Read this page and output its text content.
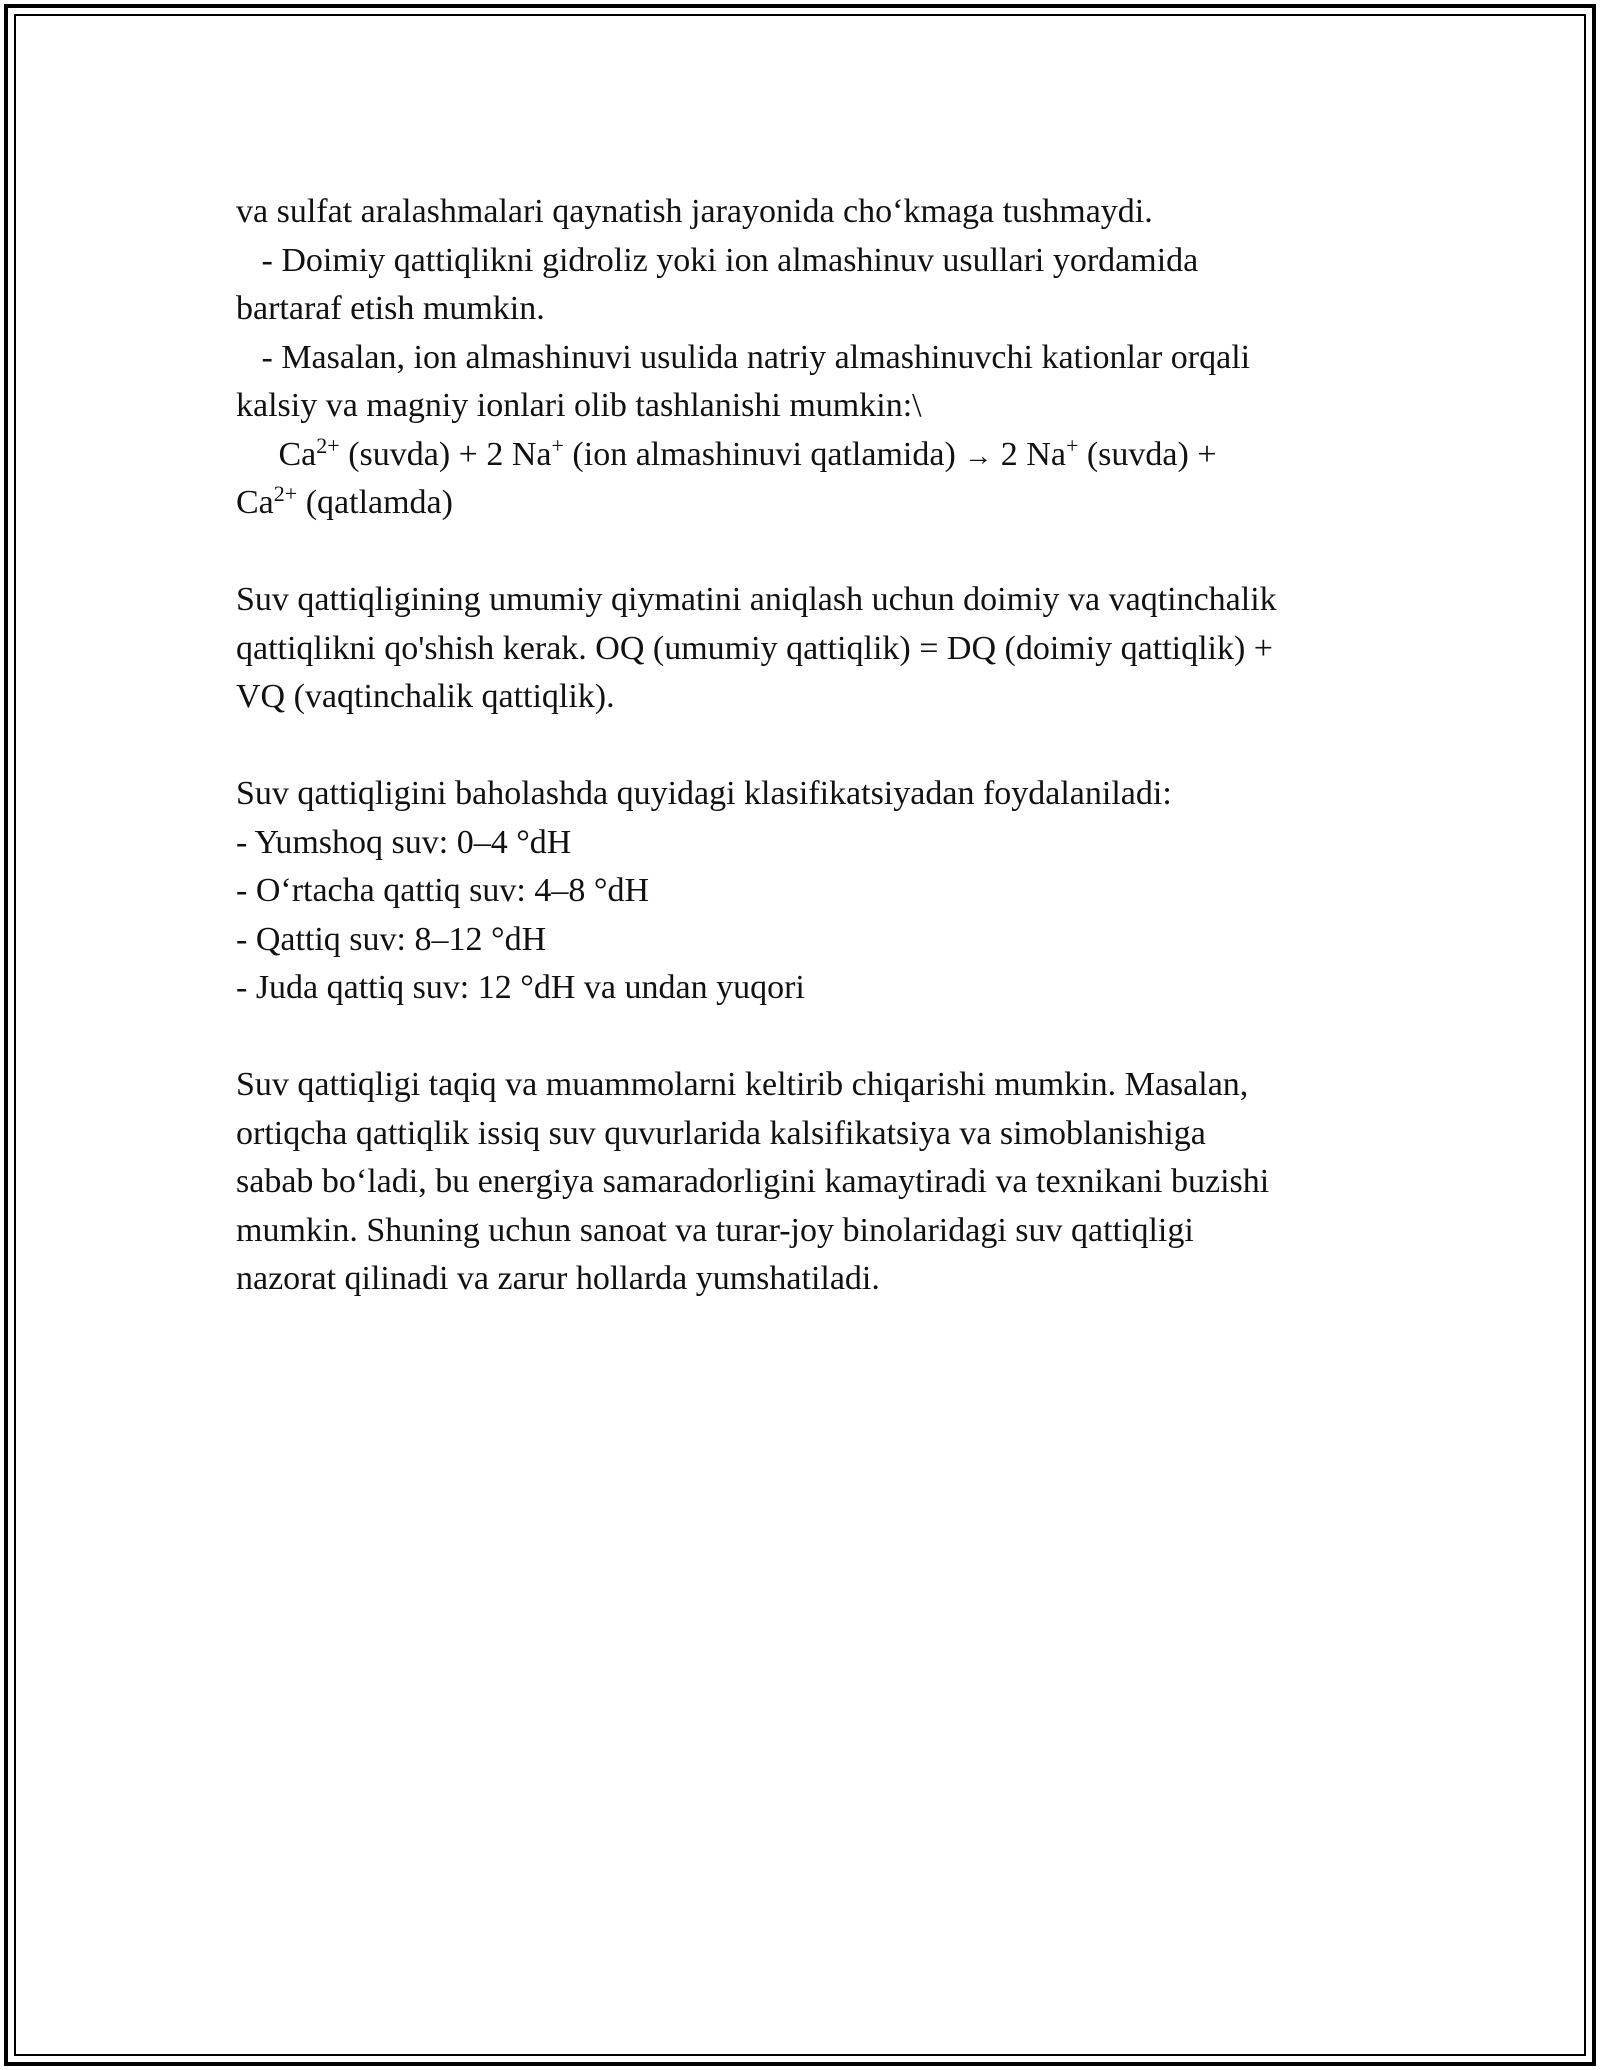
va sulfat aralashmalari qaynatish jarayonida cho‘kmaga tushmaydi.
- Doimiy qattiqlikni gidroliz yoki ion almashinuv usullari yordamida
bartaraf etish mumkin.
- Masalan, ion almashinuvi usulida natriy almashinuvchi kationlar orqali
kalsiy va magniy ionlari olib tashlanishi mumkin:\
$Ca^{2+}$ (suvda) + 2 Na+ (ion almashinuvi qatlamida) → 2 Na+ (suvda) +
$Ca^{2+}$ (qatlamda)
Suv qattiqligining umumiy qiymatini aniqlash uchun doimiy va vaqtinchalik
qattiqlikni qo'shish kerak. OQ (umumiy qattiqlik) = DQ (doimiy qattiqlik) +
VQ (vaqtinchalik qattiqlik).
Suv qattiqligini baholashda quyidagi klasifikatsiyadan foydalaniladi:
- Yumshoq suv: 0–4 °dH
- O‘rtacha qattiq suv: 4–8 °dH
- Qattiq suv: 8–12 °dH
- Juda qattiq suv: 12 °dH va undan yuqori
Suv qattiqligi taqiq va muammolarni keltirib chiqarishi mumkin. Masalan,
ortiqcha qattiqlik issiq suv quvurlarida kalsifikatsiya va simoblanishiga
sabab bo‘ladi, bu energiya samaradorligini kamaytiradi va texnikani buzishi
mumkin. Shuning uchun sanoat va turar-joy binolaridagi suv qattiqligi
nazorat qilinadi va zarur hollarda yumshatiladi.
